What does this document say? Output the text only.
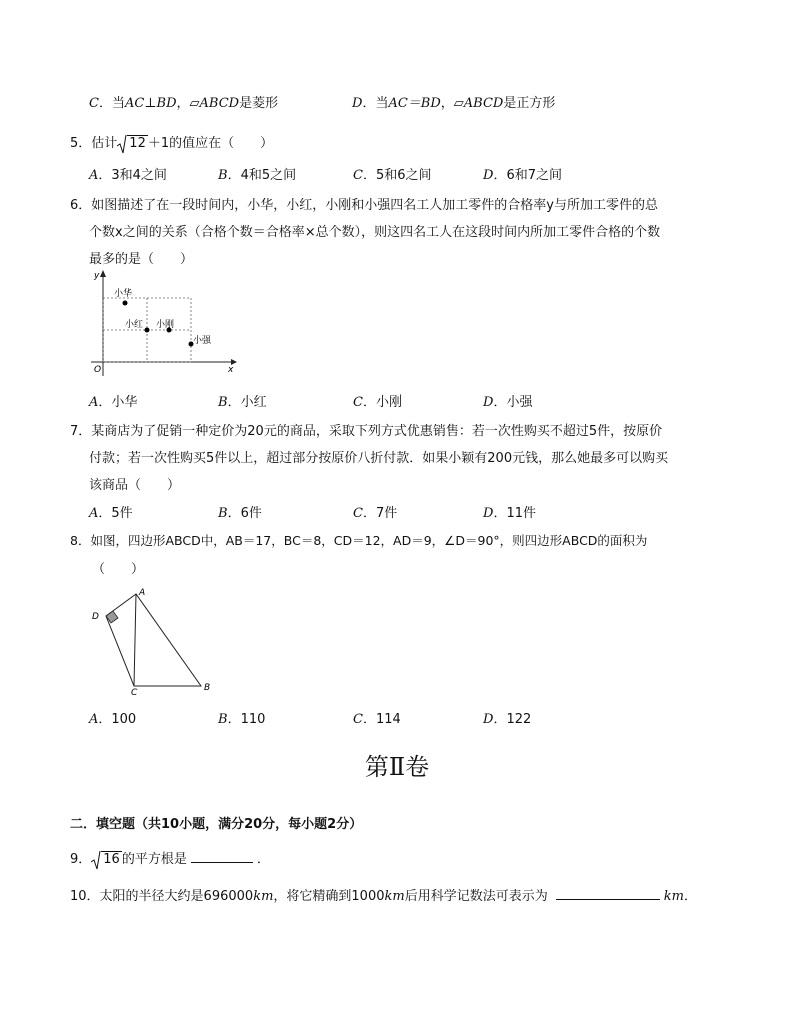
C．当AC⊥BD，▱ABCD是菱形	D．当AC＝BD，▱ABCD是正方形
5．估计 12 ＋1的值应在（　　）
A．3和4之间	B．4和5之间	C．5和6之间	D．6和7之间
6．如图描述了在一段时间内，小华，小红，小刚和小强四名工人加工零件的合格率y与所加工零件的总
个数x之间的关系（合格个数＝合格率×总个数），则这四名工人在这段时间内所加工零件合格的个数
最多的是（　　）
y
x
O
小华
小红 小刚
小强
A．小华	B．小红	C．小刚	D．小强
7．某商店为了促销一种定价为20元的商品，采取下列方式优惠销售：若一次性购买不超过5件，按原价
付款；若一次性购买5件以上，超过部分按原价八折付款．如果小颖有200元钱，那么她最多可以购买
该商品（　　）
A．5件	B．6件	C．7件	D．11件
8．如图，四边形ABCD中，AB＝17，BC＝8，CD＝12，AD＝9，∠D＝90°，则四边形ABCD的面积为
（　　）
A
B
C
D
A．100	B．110	C．114	D．122
第Ⅱ卷
二．填空题（共10小题，满分20分，每小题2分）
9． 16 的平方根是	．
10．太阳的半径大约是696000km，将它精确到1000km后用科学记数法可表示为	km．
